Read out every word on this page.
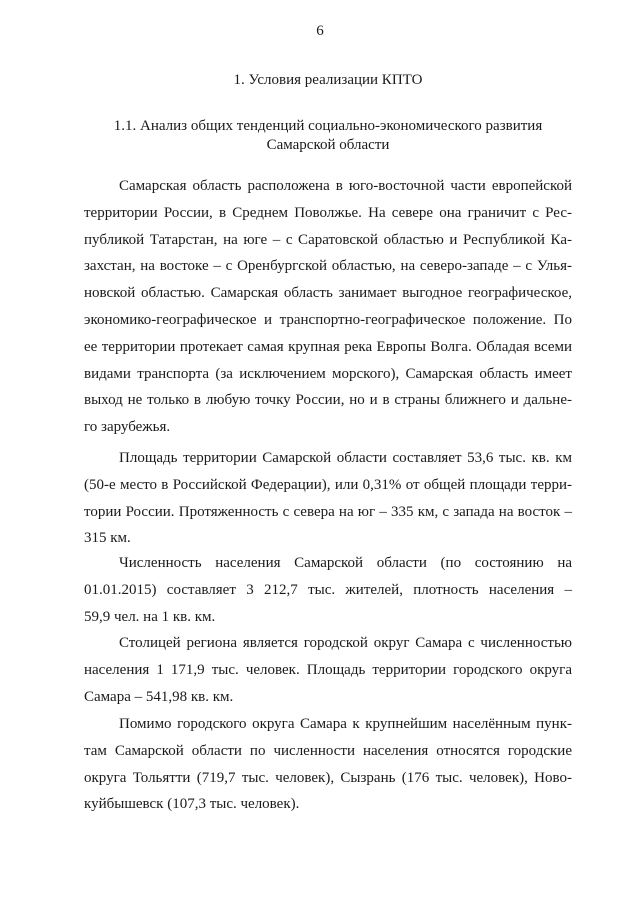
6
1. Условия реализации КПТО
1.1. Анализ общих тенденций социально-экономического развития
Самарской области
Самарская область расположена в юго-восточной части европейской
территории России, в Среднем Поволжье. На севере она граничит с Рес-
публикой Татарстан, на юге – с Саратовской областью и Республикой Ка-
захстан, на востоке – с Оренбургской областью, на северо-западе – с Улья-
новской областью. Самарская область занимает выгодное географическое,
экономико-географическое и транспортно-географическое положение. По
ее территории протекает самая крупная река Европы Волга. Обладая всеми
видами транспорта (за исключением морского), Самарская область имеет
выход не только в любую точку России, но и в страны ближнего и дальне-
го зарубежья.
Площадь территории Самарской области составляет 53,6 тыс. кв. км
(50-е место в Российской Федерации), или 0,31% от общей площади терри-
тории России. Протяженность с севера на юг – 335 км, с запада на восток –
315 км.
Численность населения Самарской области (по состоянию на
01.01.2015) составляет 3 212,7 тыс. жителей, плотность населения –
59,9 чел. на 1 кв. км.
Столицей региона является городской округ Самара с численностью
населения 1 171,9 тыс. человек. Площадь территории городского округа
Самара – 541,98 кв. км.
Помимо городского округа Самара к крупнейшим населённым пунк-
там Самарской области по численности населения относятся городские
округа Тольятти (719,7 тыс. человек), Сызрань (176 тыс. человек), Ново-
куйбышевск (107,3 тыс. человек).
